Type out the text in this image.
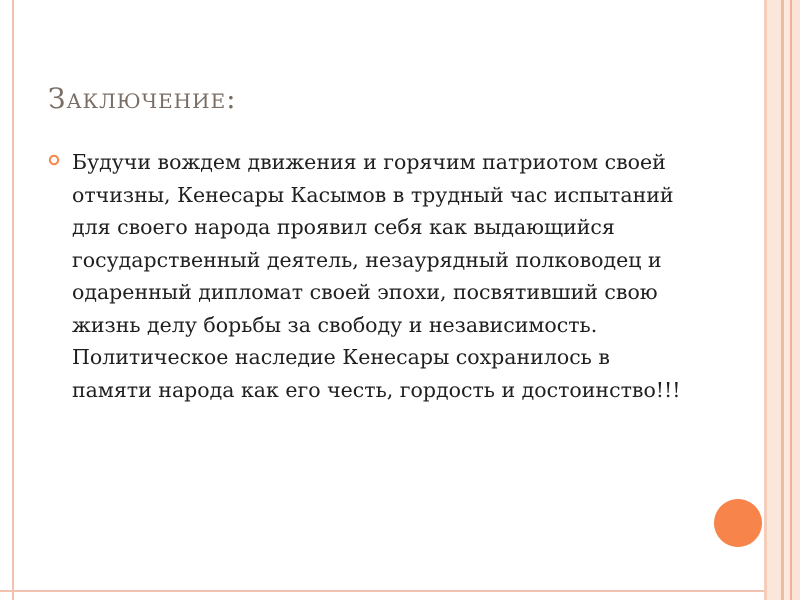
Заключение:
Будучи вождем движения и горячим патриотом своей отчизны, Кенесары Касымов в трудный час испытаний для своего народа проявил себя как выдающийся государственный деятель, незаурядный полководец и одаренный дипломат своей эпохи, посвятивший свою жизнь делу борьбы за свободу и независимость.
Политическое наследие Кенесары сохранилось в памяти народа как его честь, гордость и достоинство!!!
